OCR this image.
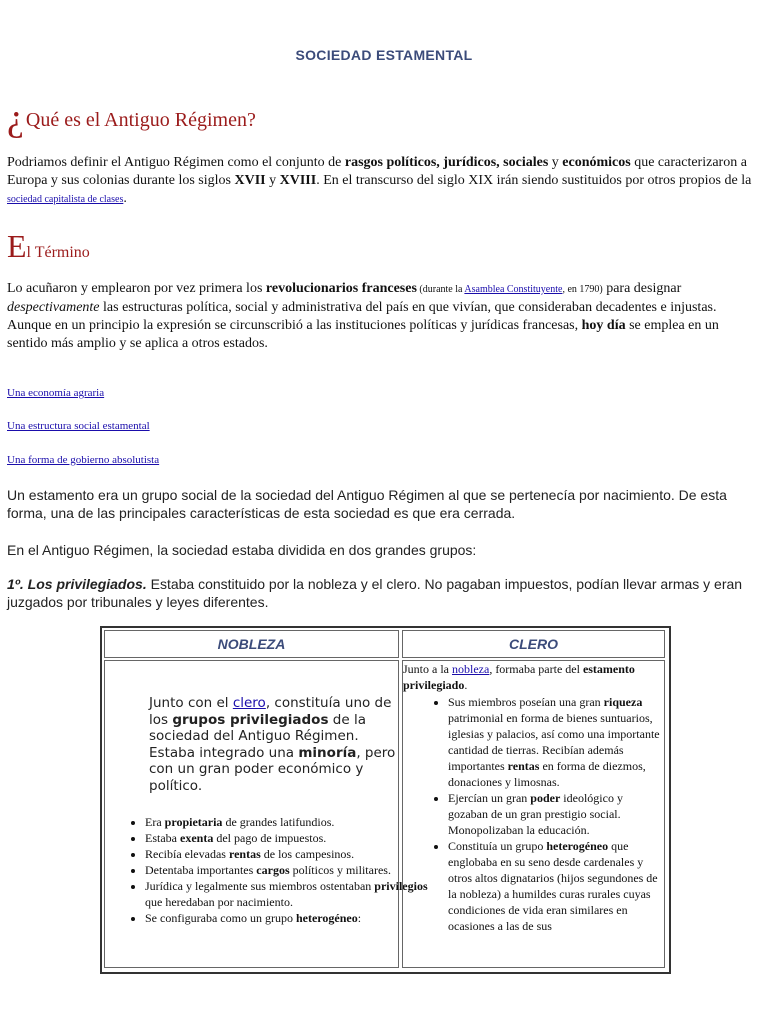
SOCIEDAD ESTAMENTAL
¿ Qué es el Antiguo Régimen?
Podriamos definir el Antiguo Régimen como el conjunto de rasgos políticos, jurídicos, sociales y económicos que caracterizaron a Europa y sus colonias durante los siglos XVII y XVIII. En el transcurso del siglo XIX irán siendo sustituidos por otros propios de la sociedad capitalista de clases.
El Término
Lo acuñaron y emplearon por vez primera los revolucionarios franceses (durante la Asamblea Constituyente, en 1790) para designar despectivamente las estructuras política, social y administrativa del país en que vivían, que consideraban decadentes e injustas.
Aunque en un principio la expresión se circunscribió a las instituciones políticas y jurídicas francesas, hoy día se emplea en un sentido más amplio y se aplica a otros estados.
Una economía agraria
Una estructura social estamental
Una forma de gobierno absolutista
Un estamento era un grupo social de la sociedad del Antiguo Régimen al que se pertenecía por nacimiento. De esta forma, una de las principales características de esta sociedad es que era cerrada.
En el Antiguo Régimen, la sociedad estaba dividida en dos grandes grupos:
1º. Los privilegiados. Estaba constituido por la nobleza y el clero. No pagaban impuestos, podían llevar armas y eran juzgados por tribunales y leyes diferentes.
NOBLEZA	CLERO
Junto con el clero, constituía uno de los grupos privilegiados de la sociedad del Antiguo Régimen. Estaba integrado una minoría, pero con un gran poder económico y político.
• Era propietaria de grandes latifundios.
• Estaba exenta del pago de impuestos.
• Recibía elevadas rentas de los campesinos.
• Detentaba importantes cargos políticos y militares.
• Jurídica y legalmente sus miembros ostentaban privilegios que heredaban por nacimiento.
• Se configuraba como un grupo heterogéneo:
Junto a la nobleza, formaba parte del estamento privilegiado.
• Sus miembros poseían una gran riqueza patrimonial en forma de bienes suntuarios, iglesias y palacios, así como una importante cantidad de tierras. Recibían además importantes rentas en forma de diezmos, donaciones y limosnas.
• Ejercían un gran poder ideológico y gozaban de un gran prestigio social. Monopolizaban la educación.
• Constituía un grupo heterogéneo que englobaba en su seno desde cardenales y otros altos dignatarios (hijos segundones de la nobleza) a humildes curas rurales cuyas condiciones de vida eran similares en ocasiones a las de sus
